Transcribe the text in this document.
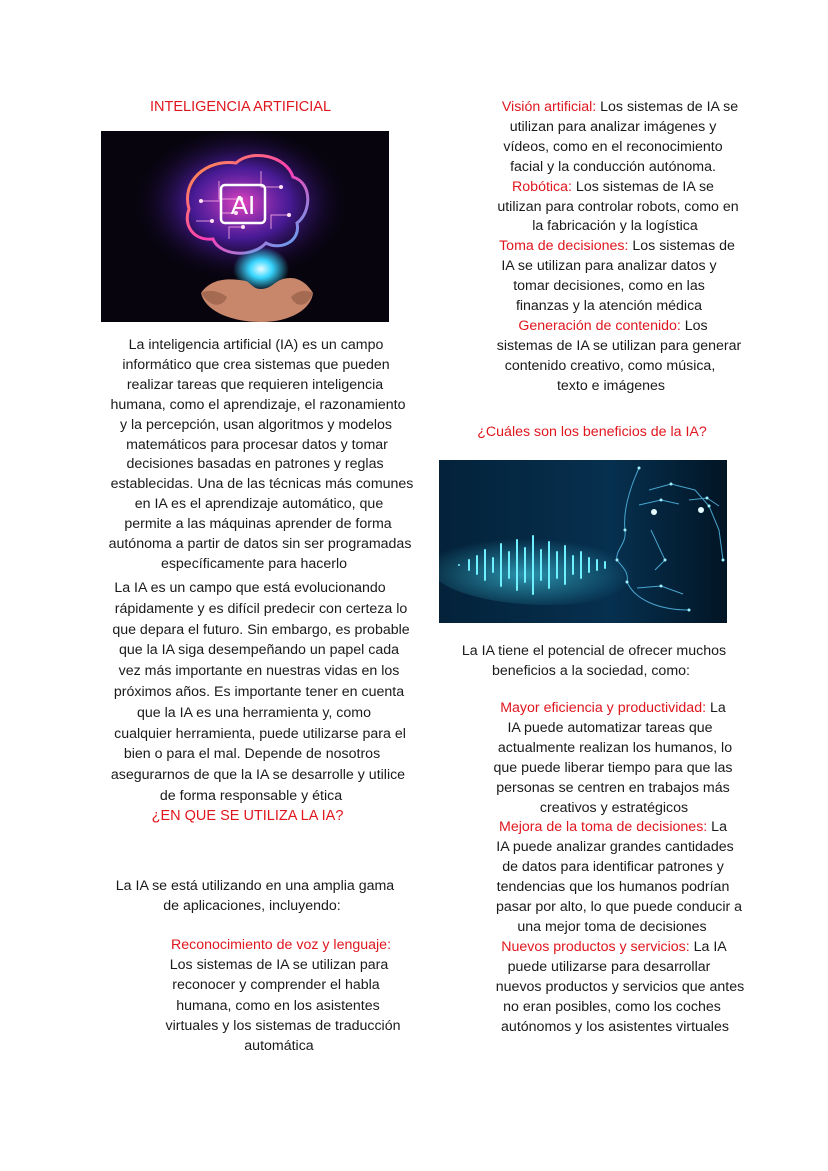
INTELIGENCIA ARTIFICIAL
AI
La inteligencia artificial (IA) es un campo
informático que crea sistemas que pueden
realizar tareas que requieren inteligencia
humana, como el aprendizaje, el razonamiento
y la percepción, usan algoritmos y modelos
matemáticos para procesar datos y tomar
decisiones basadas en patrones y reglas
establecidas. Una de las técnicas más comunes
en IA es el aprendizaje automático, que
permite a las máquinas aprender de forma
autónoma a partir de datos sin ser programadas
específicamente para hacerlo
La IA es un campo que está evolucionando
rápidamente y es difícil predecir con certeza lo
que depara el futuro. Sin embargo, es probable
que la IA siga desempeñando un papel cada
vez más importante en nuestras vidas en los
próximos años. Es importante tener en cuenta
que la IA es una herramienta y, como
cualquier herramienta, puede utilizarse para el
bien o para el mal. Depende de nosotros
asegurarnos de que la IA se desarrolle y utilice
de forma responsable y ética
¿EN QUE SE UTILIZA LA IA?
La IA se está utilizando en una amplia gama
de aplicaciones, incluyendo:
Reconocimiento de voz y lenguaje:
Los sistemas de IA se utilizan para
reconocer y comprender el habla
humana, como en los asistentes
virtuales y los sistemas de traducción
automática
Visión artificial: Los sistemas de IA se
utilizan para analizar imágenes y
vídeos, como en el reconocimiento
facial y la conducción autónoma.
Robótica: Los sistemas de IA se
utilizan para controlar robots, como en
la fabricación y la logística
Toma de decisiones: Los sistemas de
IA se utilizan para analizar datos y
tomar decisiones, como en las
finanzas y la atención médica
Generación de contenido: Los
sistemas de IA se utilizan para generar
contenido creativo, como música,
texto e imágenes
¿Cuáles son los beneficios de la IA?
La IA tiene el potencial de ofrecer muchos
beneficios a la sociedad, como:
Mayor eficiencia y productividad: La
IA puede automatizar tareas que
actualmente realizan los humanos, lo
que puede liberar tiempo para que las
personas se centren en trabajos más
creativos y estratégicos
Mejora de la toma de decisiones: La
IA puede analizar grandes cantidades
de datos para identificar patrones y
tendencias que los humanos podrían
pasar por alto, lo que puede conducir a
una mejor toma de decisiones
Nuevos productos y servicios: La IA
puede utilizarse para desarrollar
nuevos productos y servicios que antes
no eran posibles, como los coches
autónomos y los asistentes virtuales
